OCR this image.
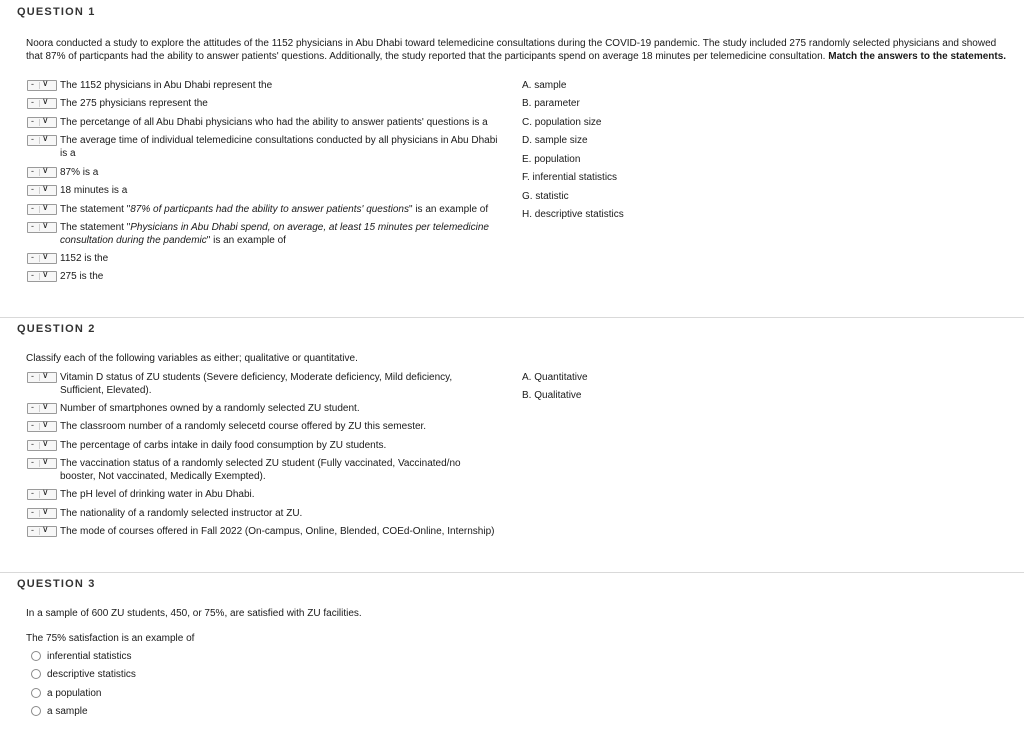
QUESTION 1
Noora conducted a study to explore the attitudes of the 1152 physicians in Abu Dhabi toward telemedicine consultations during the COVID-19 pandemic. The study included 275 randomly selected physicians and showed that 87% of particpants had the ability to answer patients' questions. Additionally, the study reported that the participants spend on average 18 minutes per telemedicine consultation. Match the answers to the statements.
- ∨ The 1152 physicians in Abu Dhabi represent the
- ∨ The 275 physicians represent the
- ∨ The percetange of all Abu Dhabi physicians who had the ability to answer patients' questions is a
- ∨ The average time of individual telemedicine consultations conducted by all physicians in Abu Dhabi is a
- ∨ 87% is a
- ∨ 18 minutes is a
- ∨ The statement "87% of particpants had the ability to answer patients' questions" is an example of
- ∨ The statement "Physicians in Abu Dhabi spend, on average, at least 15 minutes per telemedicine consultation during the pandemic" is an example of
- ∨ 1152 is the
- ∨ 275 is the
A. sample
B. parameter
C. population size
D. sample size
E. population
F. inferential statistics
G. statistic
H. descriptive statistics
QUESTION 2
Classify each of the following variables as either; qualitative or quantitative.
- ∨ Vitamin D status of ZU students (Severe deficiency, Moderate deficiency, Mild deficiency, Sufficient, Elevated).
- ∨ Number of smartphones owned by a randomly selected ZU student.
- ∨ The classroom number of a randomly selecetd course offered by ZU this semester.
- ∨ The percentage of carbs intake in daily food consumption by ZU students.
- ∨ The vaccination status of a randomly selected ZU student (Fully vaccinated, Vaccinated/no booster, Not vaccinated, Medically Exempted).
- ∨ The pH level of drinking water in Abu Dhabi.
- ∨ The nationality of a randomly selected instructor at ZU.
- ∨ The mode of courses offered in Fall 2022 (On-campus, Online, Blended, COEd-Online, Internship)
A. Quantitative
B. Qualitative
QUESTION 3
In a sample of 600 ZU students, 450, or 75%, are satisfied with ZU facilities.
The 75% satisfaction is an example of
inferential statistics
descriptive statistics
a population
a sample
